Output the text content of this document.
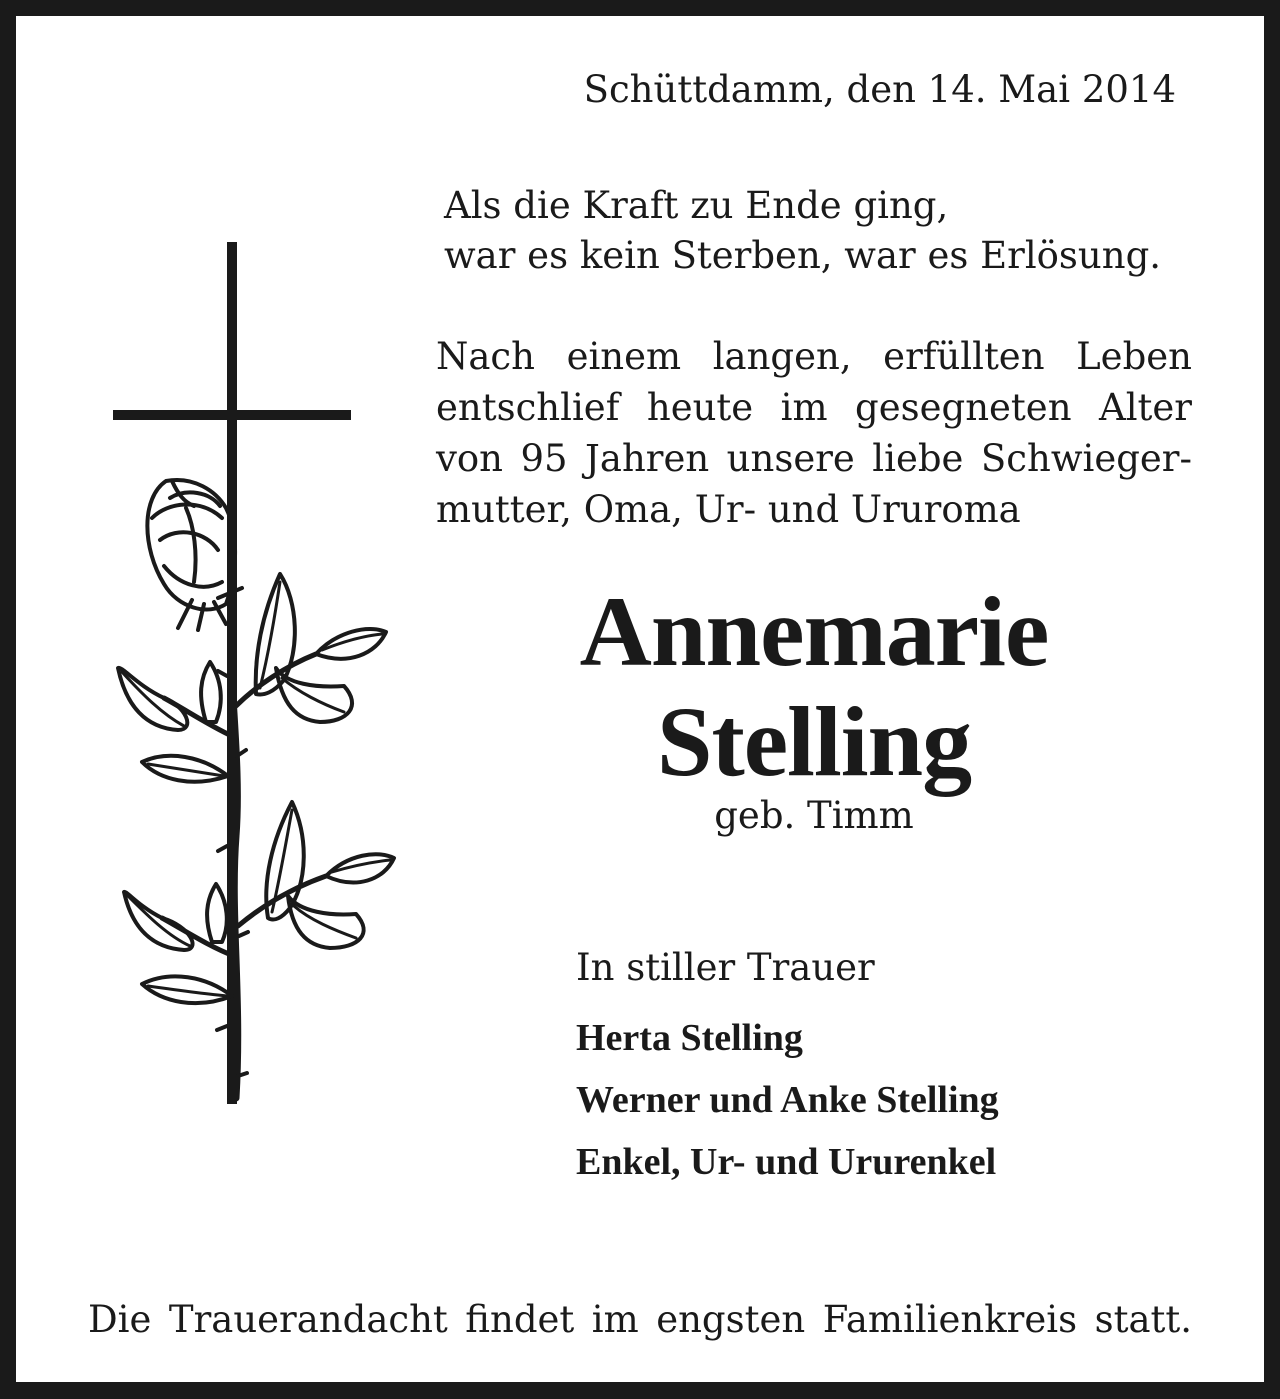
Schüttdamm, den 14. Mai 2014

Als die Kraft zu Ende ging,

war es kein Sterben, war es Erlösung.

Nach einem langen, erfüllten Leben

entschlief heute im gesegneten Alter

von 95 Jahren unsere liebe Schwieger-

mutter, Oma, Ur- und Ururoma

Annemarie

Stelling

geb. Timm

In stiller Trauer

Herta Stelling

Werner und Anke Stelling

Enkel, Ur- und Ururenkel

Die Trauerandacht findet im engsten Familienkreis statt.
